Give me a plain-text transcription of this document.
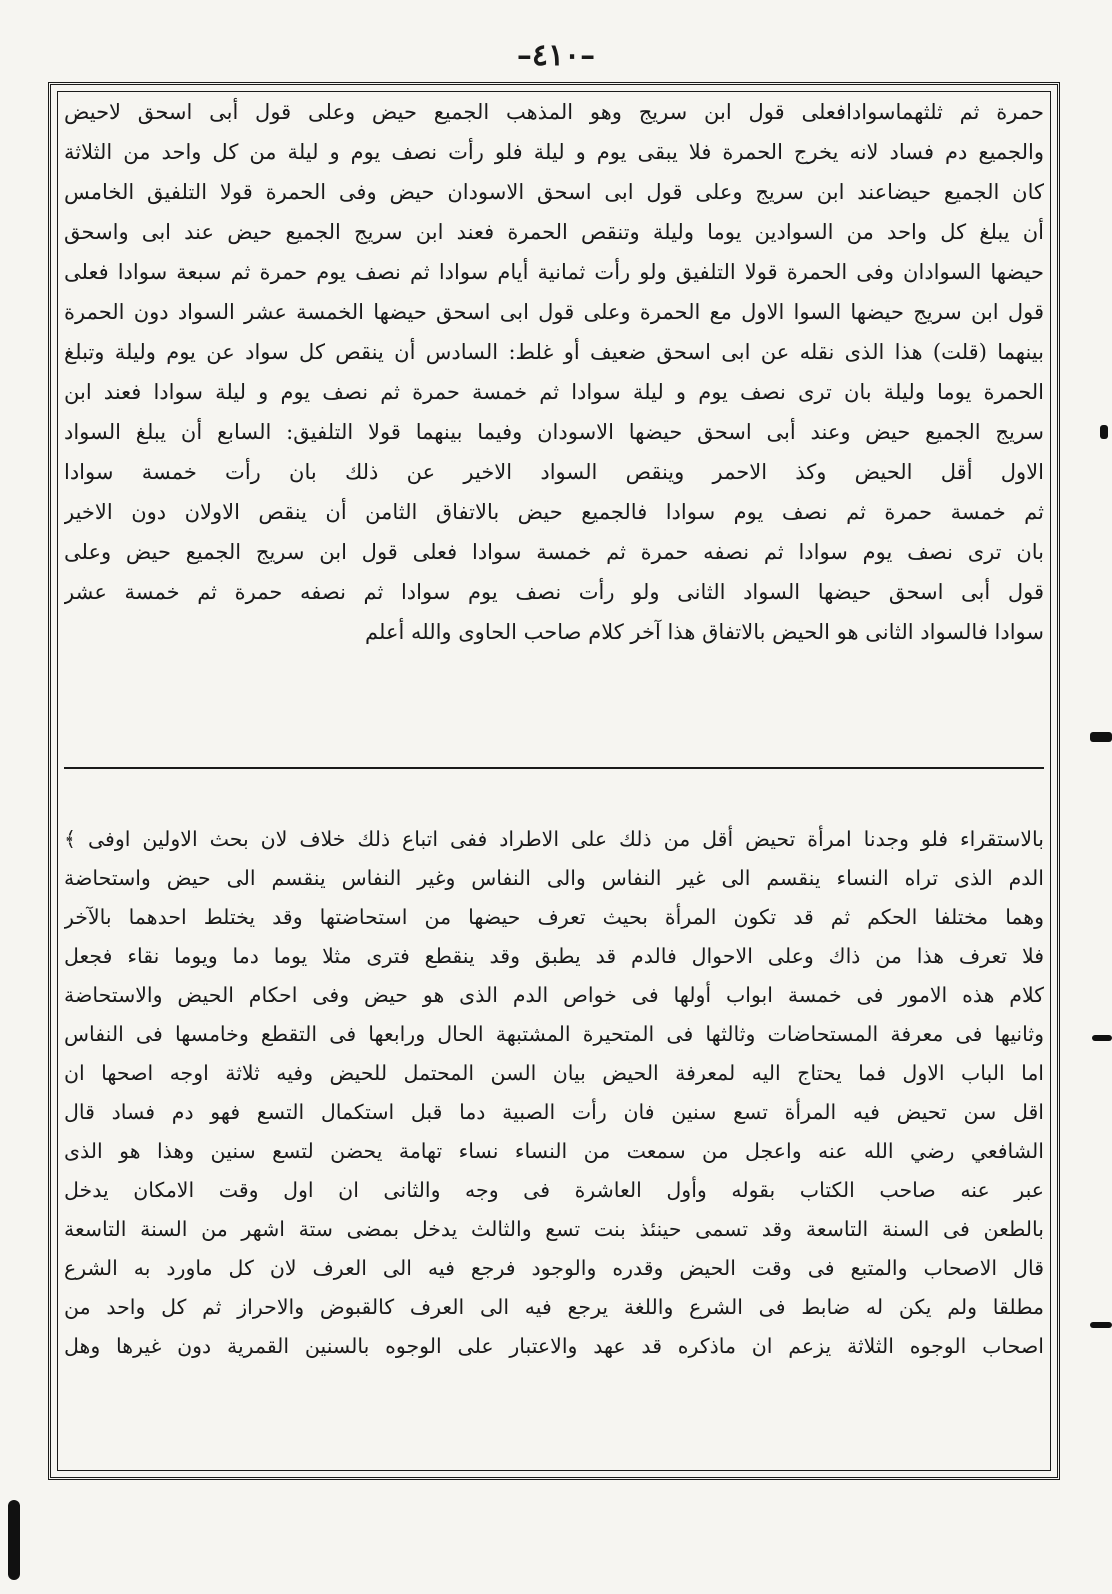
–٤١٠–
حمرة ثم ثلثهماسوادافعلى قول ابن سريج وهو المذهب الجميع حيض وعلى قول أبى اسحق لاحيض
والجميع دم فساد لانه يخرج الحمرة فلا يبقى يوم و ليلة فلو رأت نصف يوم و ليلة من كل واحد من الثلاثة
كان الجميع حيضاعند ابن سريج وعلى قول ابى اسحق الاسودان حيض وفى الحمرة قولا التلفيق الخامس
أن يبلغ كل واحد من السوادين يوما وليلة وتنقص الحمرة فعند ابن سريج الجميع حيض عند ابى واسحق
حيضها السوادان وفى الحمرة قولا التلفيق ولو رأت ثمانية أيام سوادا ثم نصف يوم حمرة ثم سبعة سوادا فعلى
قول ابن سريج حيضها السوا الاول مع الحمرة وعلى قول ابى اسحق حيضها الخمسة عشر السواد دون الحمرة
بينهما (قلت) هذا الذى نقله عن ابى اسحق ضعيف أو غلط: السادس أن ينقص كل سواد عن يوم وليلة وتبلغ
الحمرة يوما وليلة بان ترى نصف يوم و ليلة سوادا ثم خمسة حمرة ثم نصف يوم و ليلة سوادا فعند ابن
سريج الجميع حيض وعند أبى اسحق حيضها الاسودان وفيما بينهما قولا التلفيق: السابع أن يبلغ السواد
الاول أقل الحيض وكذ الاحمر وينقص السواد الاخير عن ذلك بان رأت خمسة سوادا
ثم خمسة حمرة ثم نصف يوم سوادا فالجميع حيض بالاتفاق الثامن أن ينقص الاولان دون الاخير
بان ترى نصف يوم سوادا ثم نصفه حمرة ثم خمسة سوادا فعلى قول ابن سريج الجميع حيض وعلى
قول أبى اسحق حيضها السواد الثانى ولو رأت نصف يوم سوادا ثم نصفه حمرة ثم خمسة عشر
سوادا فالسواد الثانى هو الحيض بالاتفاق هذا آخر كلام صاحب الحاوى والله أعلم
بالاستقراء فلو وجدنا امرأة تحيض أقل من ذلك على الاطراد ففى اتباع ذلك خلاف لان بحث الاولين اوفى ﴾
الدم الذى تراه النساء ينقسم الى غير النفاس والى النفاس وغير النفاس ينقسم الى حيض واستحاضة
وهما مختلفا الحكم ثم قد تكون المرأة بحيث تعرف حيضها من استحاضتها وقد يختلط احدهما بالآخر
فلا تعرف هذا من ذاك وعلى الاحوال فالدم قد يطبق وقد ينقطع فترى مثلا يوما دما ويوما نقاء فجعل
كلام هذه الامور فى خمسة ابواب أولها فى خواص الدم الذى هو حيض وفى احكام الحيض والاستحاضة
وثانيها فى معرفة المستحاضات وثالثها فى المتحيرة المشتبهة الحال ورابعها فى التقطع وخامسها فى النفاس
اما الباب الاول فما يحتاج اليه لمعرفة الحيض بيان السن المحتمل للحيض وفيه ثلاثة اوجه اصحها ان
اقل سن تحيض فيه المرأة تسع سنين فان رأت الصبية دما قبل استكمال التسع فهو دم فساد قال
الشافعي رضي الله عنه واعجل من سمعت من النساء نساء تهامة يحضن لتسع سنين وهذا هو الذى
عبر عنه صاحب الكتاب بقوله وأول العاشرة فى وجه والثانى ان اول وقت الامكان يدخل
بالطعن فى السنة التاسعة وقد تسمى حينئذ بنت تسع والثالث يدخل بمضى ستة اشهر من السنة التاسعة
قال الاصحاب والمتبع فى وقت الحيض وقدره والوجود فرجع فيه الى العرف لان كل ماورد به الشرع
مطلقا ولم يكن له ضابط فى الشرع واللغة يرجع فيه الى العرف كالقبوض والاحراز ثم كل واحد من
اصحاب الوجوه الثلاثة يزعم ان ماذكره قد عهد والاعتبار على الوجوه بالسنين القمرية دون غيرها وهل
